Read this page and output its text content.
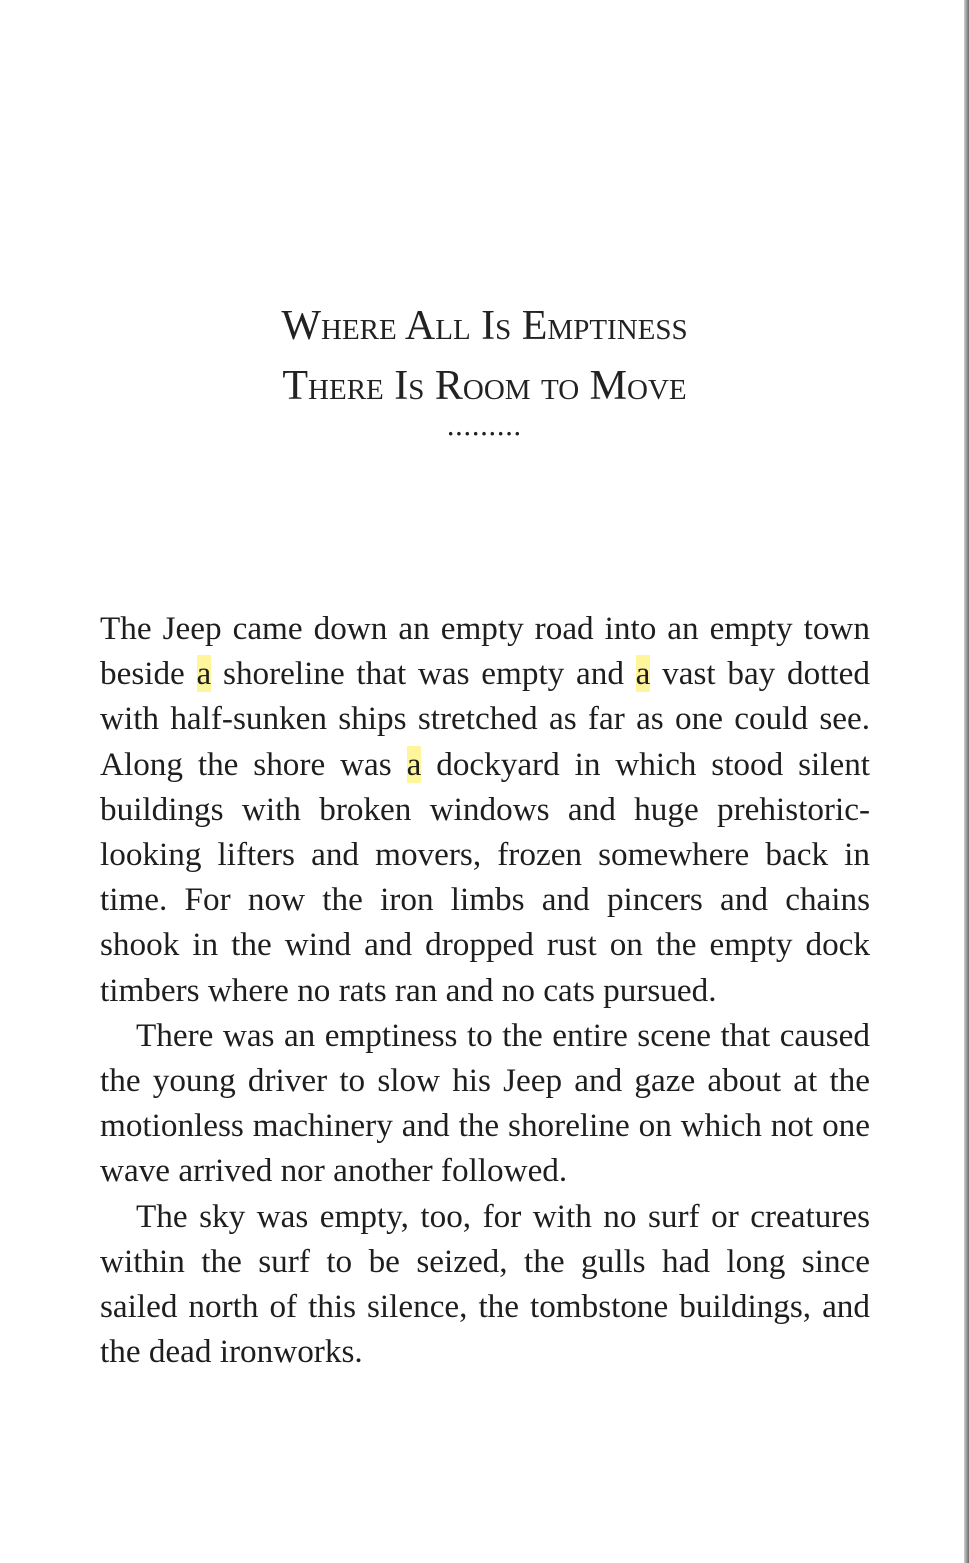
Where All Is Emptiness
There Is Room to Move
·········

The Jeep came down an empty road into an empty town beside a shoreline that was empty and a vast bay dotted with half-sunken ships stretched as far as one could see. Along the shore was a dockyard in which stood silent buildings with broken windows and huge prehistoric-looking lifters and movers, frozen somewhere back in time. For now the iron limbs and pincers and chains shook in the wind and dropped rust on the empty dock timbers where no rats ran and no cats pursued.

There was an emptiness to the entire scene that caused the young driver to slow his Jeep and gaze about at the motionless machinery and the shoreline on which not one wave arrived nor another followed.

The sky was empty, too, for with no surf or creatures within the surf to be seized, the gulls had long since sailed north of this silence, the tombstone buildings, and the dead ironworks.
